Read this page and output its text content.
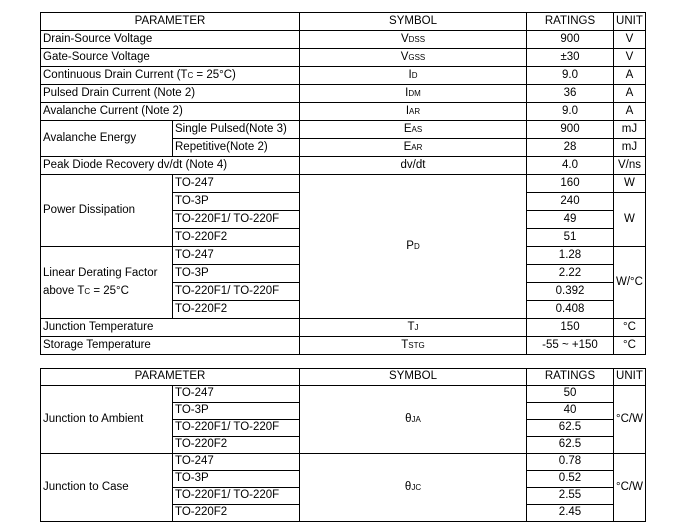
PARAMETER		SYMBOL	RATINGS	UNIT
Drain-Source Voltage		VDSS	900	V
Gate-Source Voltage		VGSS	±30	V
Continuous Drain Current (TC = 25°C)		ID	9.0	A
Pulsed Drain Current (Note 2)		IDM	36	A
Avalanche Current (Note 2)		IAR	9.0	A
Avalanche Energy	Single Pulsed(Note 3)	EAS	900	mJ
	Repetitive(Note 2)	EAR	28	mJ
Peak Diode Recovery dv/dt (Note 4)		dv/dt	4.0	V/ns
Power Dissipation	TO-247	PD	160	W
	TO-3P		240	W
	TO-220F1/ TO-220F		49	
	TO-220F2		51	
Linear Derating Factor
above TC = 25°C	TO-247		1.28	W/°C
	TO-3P		2.22	
	TO-220F1/ TO-220F		0.392	
	TO-220F2		0.408	
Junction Temperature		TJ	150	°C
Storage Temperature		TSTG	-55 ~ +150	°C
PARAMETER		SYMBOL	RATINGS	UNIT
Junction to Ambient	TO-247	θJA	50	°C/W
	TO-3P		40	
	TO-220F1/ TO-220F		62.5	
	TO-220F2		62.5	
Junction to Case	TO-247	θJC	0.78	°C/W
	TO-3P		0.52	
	TO-220F1/ TO-220F		2.55	
	TO-220F2		2.45	
